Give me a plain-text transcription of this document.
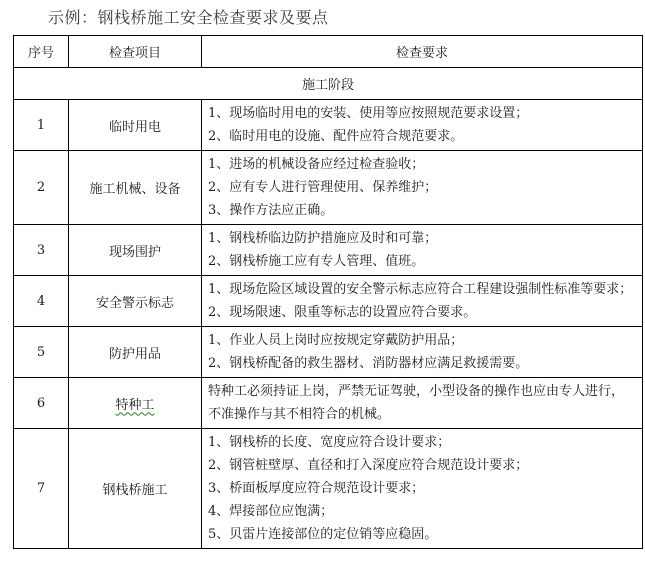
示例：钢栈桥施工安全检查要求及要点
序号	检查项目	检查要求
施工阶段		
1	临时用电	1、现场临时用电的安装、使用等应按照规范要求设置；
2、临时用电的设施、配件应符合规范要求。

2	施工机械、设备	1、进场的机械设备应经过检查验收；
2、应有专人进行管理使用、保养维护；
3、操作方法应正确。

3	现场围护	1、钢栈桥临边防护措施应及时和可靠；
2、钢栈桥施工应有专人管理、值班。

4	安全警示标志	1、现场危险区域设置的安全警示标志应符合工程建设强制性标准等要求；
2、现场限速、限重等标志的设置应符合要求。

5	防护用品	1、作业人员上岗时应按规定穿戴防护用品；
2、钢栈桥配备的救生器材、消防器材应满足救援需要。

6	特种工	特种工必须持证上岗，严禁无证驾驶，小型设备的操作也应由专人进行，不准操作与其不相符合的机械。

7	钢栈桥施工	1、钢栈桥的长度、宽度应符合设计要求；
2、钢管桩壁厚、直径和打入深度应符合规范设计要求；
3、桥面板厚度应符合规范设计要求；
4、焊接部位应饱满；
5、贝雷片连接部位的定位销等应稳固。
